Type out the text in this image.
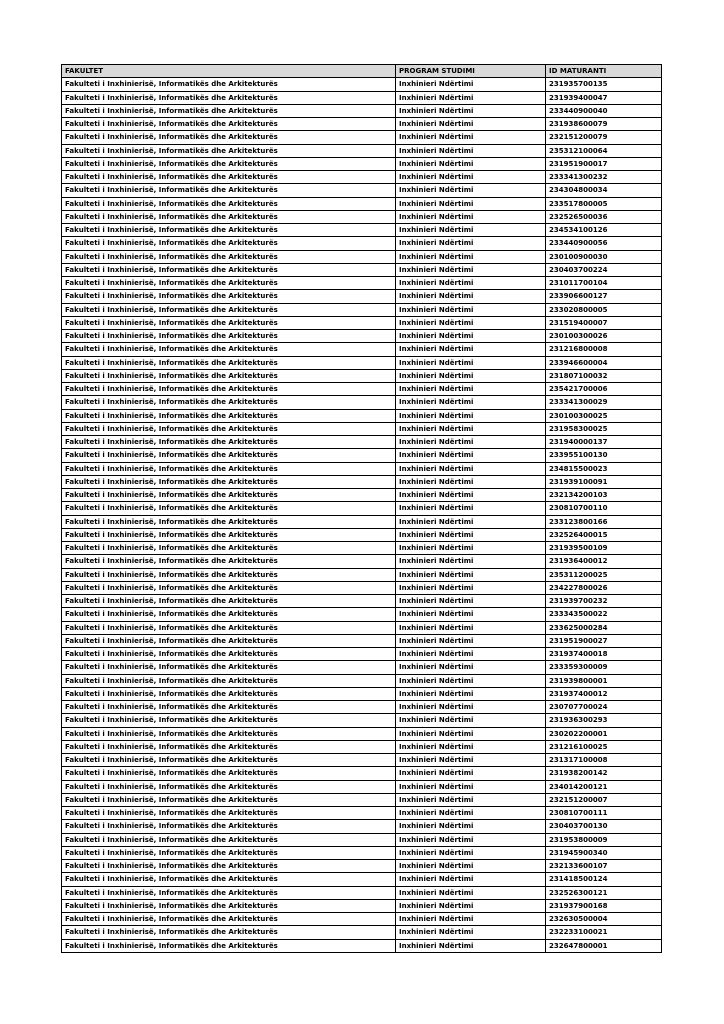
FAKULTET	PROGRAM STUDIMI	ID MATURANTI
Fakulteti i Inxhinierisë, Informatikës dhe Arkitekturës	Inxhinieri Ndërtimi	231935700135
Fakulteti i Inxhinierisë, Informatikës dhe Arkitekturës	Inxhinieri Ndërtimi	231939400047
Fakulteti i Inxhinierisë, Informatikës dhe Arkitekturës	Inxhinieri Ndërtimi	233440900040
Fakulteti i Inxhinierisë, Informatikës dhe Arkitekturës	Inxhinieri Ndërtimi	231938600079
Fakulteti i Inxhinierisë, Informatikës dhe Arkitekturës	Inxhinieri Ndërtimi	232151200079
Fakulteti i Inxhinierisë, Informatikës dhe Arkitekturës	Inxhinieri Ndërtimi	235312100064
Fakulteti i Inxhinierisë, Informatikës dhe Arkitekturës	Inxhinieri Ndërtimi	231951900017
Fakulteti i Inxhinierisë, Informatikës dhe Arkitekturës	Inxhinieri Ndërtimi	233341300232
Fakulteti i Inxhinierisë, Informatikës dhe Arkitekturës	Inxhinieri Ndërtimi	234304800034
Fakulteti i Inxhinierisë, Informatikës dhe Arkitekturës	Inxhinieri Ndërtimi	233517800005
Fakulteti i Inxhinierisë, Informatikës dhe Arkitekturës	Inxhinieri Ndërtimi	232526500036
Fakulteti i Inxhinierisë, Informatikës dhe Arkitekturës	Inxhinieri Ndërtimi	234534100126
Fakulteti i Inxhinierisë, Informatikës dhe Arkitekturës	Inxhinieri Ndërtimi	233440900056
Fakulteti i Inxhinierisë, Informatikës dhe Arkitekturës	Inxhinieri Ndërtimi	230100900030
Fakulteti i Inxhinierisë, Informatikës dhe Arkitekturës	Inxhinieri Ndërtimi	230403700224
Fakulteti i Inxhinierisë, Informatikës dhe Arkitekturës	Inxhinieri Ndërtimi	231011700104
Fakulteti i Inxhinierisë, Informatikës dhe Arkitekturës	Inxhinieri Ndërtimi	233906600127
Fakulteti i Inxhinierisë, Informatikës dhe Arkitekturës	Inxhinieri Ndërtimi	233020800005
Fakulteti i Inxhinierisë, Informatikës dhe Arkitekturës	Inxhinieri Ndërtimi	231519400007
Fakulteti i Inxhinierisë, Informatikës dhe Arkitekturës	Inxhinieri Ndërtimi	230100300026
Fakulteti i Inxhinierisë, Informatikës dhe Arkitekturës	Inxhinieri Ndërtimi	231216800008
Fakulteti i Inxhinierisë, Informatikës dhe Arkitekturës	Inxhinieri Ndërtimi	233946600004
Fakulteti i Inxhinierisë, Informatikës dhe Arkitekturës	Inxhinieri Ndërtimi	231807100032
Fakulteti i Inxhinierisë, Informatikës dhe Arkitekturës	Inxhinieri Ndërtimi	235421700006
Fakulteti i Inxhinierisë, Informatikës dhe Arkitekturës	Inxhinieri Ndërtimi	233341300029
Fakulteti i Inxhinierisë, Informatikës dhe Arkitekturës	Inxhinieri Ndërtimi	230100300025
Fakulteti i Inxhinierisë, Informatikës dhe Arkitekturës	Inxhinieri Ndërtimi	231958300025
Fakulteti i Inxhinierisë, Informatikës dhe Arkitekturës	Inxhinieri Ndërtimi	231940000137
Fakulteti i Inxhinierisë, Informatikës dhe Arkitekturës	Inxhinieri Ndërtimi	233955100130
Fakulteti i Inxhinierisë, Informatikës dhe Arkitekturës	Inxhinieri Ndërtimi	234815500023
Fakulteti i Inxhinierisë, Informatikës dhe Arkitekturës	Inxhinieri Ndërtimi	231939100091
Fakulteti i Inxhinierisë, Informatikës dhe Arkitekturës	Inxhinieri Ndërtimi	232134200103
Fakulteti i Inxhinierisë, Informatikës dhe Arkitekturës	Inxhinieri Ndërtimi	230810700110
Fakulteti i Inxhinierisë, Informatikës dhe Arkitekturës	Inxhinieri Ndërtimi	233123800166
Fakulteti i Inxhinierisë, Informatikës dhe Arkitekturës	Inxhinieri Ndërtimi	232526400015
Fakulteti i Inxhinierisë, Informatikës dhe Arkitekturës	Inxhinieri Ndërtimi	231939500109
Fakulteti i Inxhinierisë, Informatikës dhe Arkitekturës	Inxhinieri Ndërtimi	231936400012
Fakulteti i Inxhinierisë, Informatikës dhe Arkitekturës	Inxhinieri Ndërtimi	235311200025
Fakulteti i Inxhinierisë, Informatikës dhe Arkitekturës	Inxhinieri Ndërtimi	234227800026
Fakulteti i Inxhinierisë, Informatikës dhe Arkitekturës	Inxhinieri Ndërtimi	231939700232
Fakulteti i Inxhinierisë, Informatikës dhe Arkitekturës	Inxhinieri Ndërtimi	233343500022
Fakulteti i Inxhinierisë, Informatikës dhe Arkitekturës	Inxhinieri Ndërtimi	233625000284
Fakulteti i Inxhinierisë, Informatikës dhe Arkitekturës	Inxhinieri Ndërtimi	231951900027
Fakulteti i Inxhinierisë, Informatikës dhe Arkitekturës	Inxhinieri Ndërtimi	231937400018
Fakulteti i Inxhinierisë, Informatikës dhe Arkitekturës	Inxhinieri Ndërtimi	233359300009
Fakulteti i Inxhinierisë, Informatikës dhe Arkitekturës	Inxhinieri Ndërtimi	231939800001
Fakulteti i Inxhinierisë, Informatikës dhe Arkitekturës	Inxhinieri Ndërtimi	231937400012
Fakulteti i Inxhinierisë, Informatikës dhe Arkitekturës	Inxhinieri Ndërtimi	230707700024
Fakulteti i Inxhinierisë, Informatikës dhe Arkitekturës	Inxhinieri Ndërtimi	231936300293
Fakulteti i Inxhinierisë, Informatikës dhe Arkitekturës	Inxhinieri Ndërtimi	230202200001
Fakulteti i Inxhinierisë, Informatikës dhe Arkitekturës	Inxhinieri Ndërtimi	231216100025
Fakulteti i Inxhinierisë, Informatikës dhe Arkitekturës	Inxhinieri Ndërtimi	231317100008
Fakulteti i Inxhinierisë, Informatikës dhe Arkitekturës	Inxhinieri Ndërtimi	231938200142
Fakulteti i Inxhinierisë, Informatikës dhe Arkitekturës	Inxhinieri Ndërtimi	234014200121
Fakulteti i Inxhinierisë, Informatikës dhe Arkitekturës	Inxhinieri Ndërtimi	232151200007
Fakulteti i Inxhinierisë, Informatikës dhe Arkitekturës	Inxhinieri Ndërtimi	230810700111
Fakulteti i Inxhinierisë, Informatikës dhe Arkitekturës	Inxhinieri Ndërtimi	230403700130
Fakulteti i Inxhinierisë, Informatikës dhe Arkitekturës	Inxhinieri Ndërtimi	231953800009
Fakulteti i Inxhinierisë, Informatikës dhe Arkitekturës	Inxhinieri Ndërtimi	231945900340
Fakulteti i Inxhinierisë, Informatikës dhe Arkitekturës	Inxhinieri Ndërtimi	232133600107
Fakulteti i Inxhinierisë, Informatikës dhe Arkitekturës	Inxhinieri Ndërtimi	231418500124
Fakulteti i Inxhinierisë, Informatikës dhe Arkitekturës	Inxhinieri Ndërtimi	232526300121
Fakulteti i Inxhinierisë, Informatikës dhe Arkitekturës	Inxhinieri Ndërtimi	231937900168
Fakulteti i Inxhinierisë, Informatikës dhe Arkitekturës	Inxhinieri Ndërtimi	232630500004
Fakulteti i Inxhinierisë, Informatikës dhe Arkitekturës	Inxhinieri Ndërtimi	232233100021
Fakulteti i Inxhinierisë, Informatikës dhe Arkitekturës	Inxhinieri Ndërtimi	232647800001
